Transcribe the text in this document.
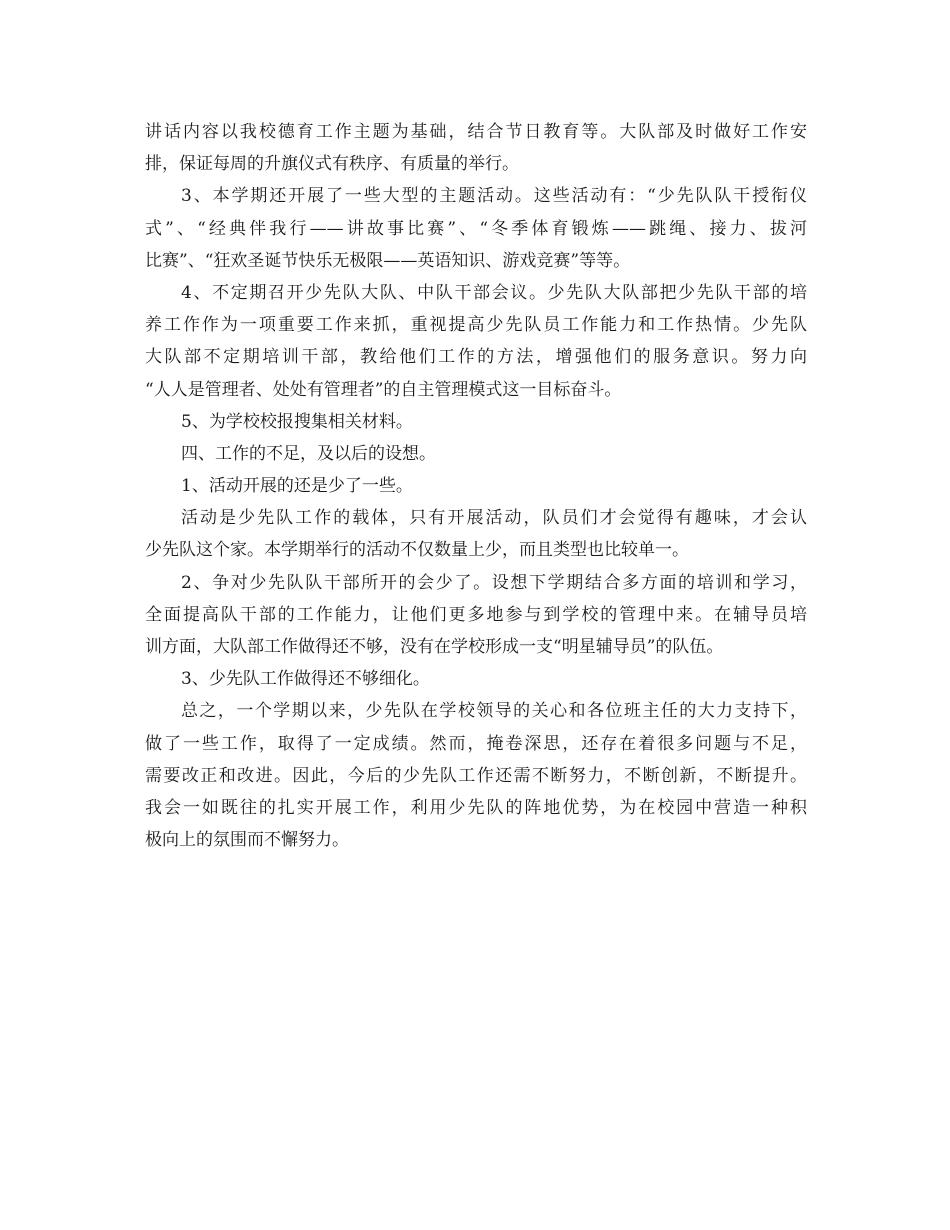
讲话内容以我校德育工作主题为基础，结合节日教育等。大队部及时做好工作安
排，保证每周的升旗仪式有秩序、有质量的举行。
3、本学期还开展了一些大型的主题活动。这些活动有：“少先队队干授衔仪
式”、“经典伴我行——讲故事比赛”、“冬季体育锻炼——跳绳、接力、拔河
比赛”、“狂欢圣诞节快乐无极限——英语知识、游戏竞赛”等等。
4、不定期召开少先队大队、中队干部会议。少先队大队部把少先队干部的培
养工作作为一项重要工作来抓，重视提高少先队员工作能力和工作热情。少先队
大队部不定期培训干部，教给他们工作的方法，增强他们的服务意识。努力向
“人人是管理者、处处有管理者”的自主管理模式这一目标奋斗。
5、为学校校报搜集相关材料。
四、工作的不足，及以后的设想。
1、活动开展的还是少了一些。
活动是少先队工作的载体，只有开展活动，队员们才会觉得有趣味，才会认
少先队这个家。本学期举行的活动不仅数量上少，而且类型也比较单一。
2、争对少先队队干部所开的会少了。设想下学期结合多方面的培训和学习，
全面提高队干部的工作能力，让他们更多地参与到学校的管理中来。在辅导员培
训方面，大队部工作做得还不够，没有在学校形成一支“明星辅导员”的队伍。
3、少先队工作做得还不够细化。
总之，一个学期以来，少先队在学校领导的关心和各位班主任的大力支持下，
做了一些工作，取得了一定成绩。然而，掩卷深思，还存在着很多问题与不足，
需要改正和改进。因此，今后的少先队工作还需不断努力，不断创新，不断提升。
我会一如既往的扎实开展工作，利用少先队的阵地优势，为在校园中营造一种积
极向上的氛围而不懈努力。
